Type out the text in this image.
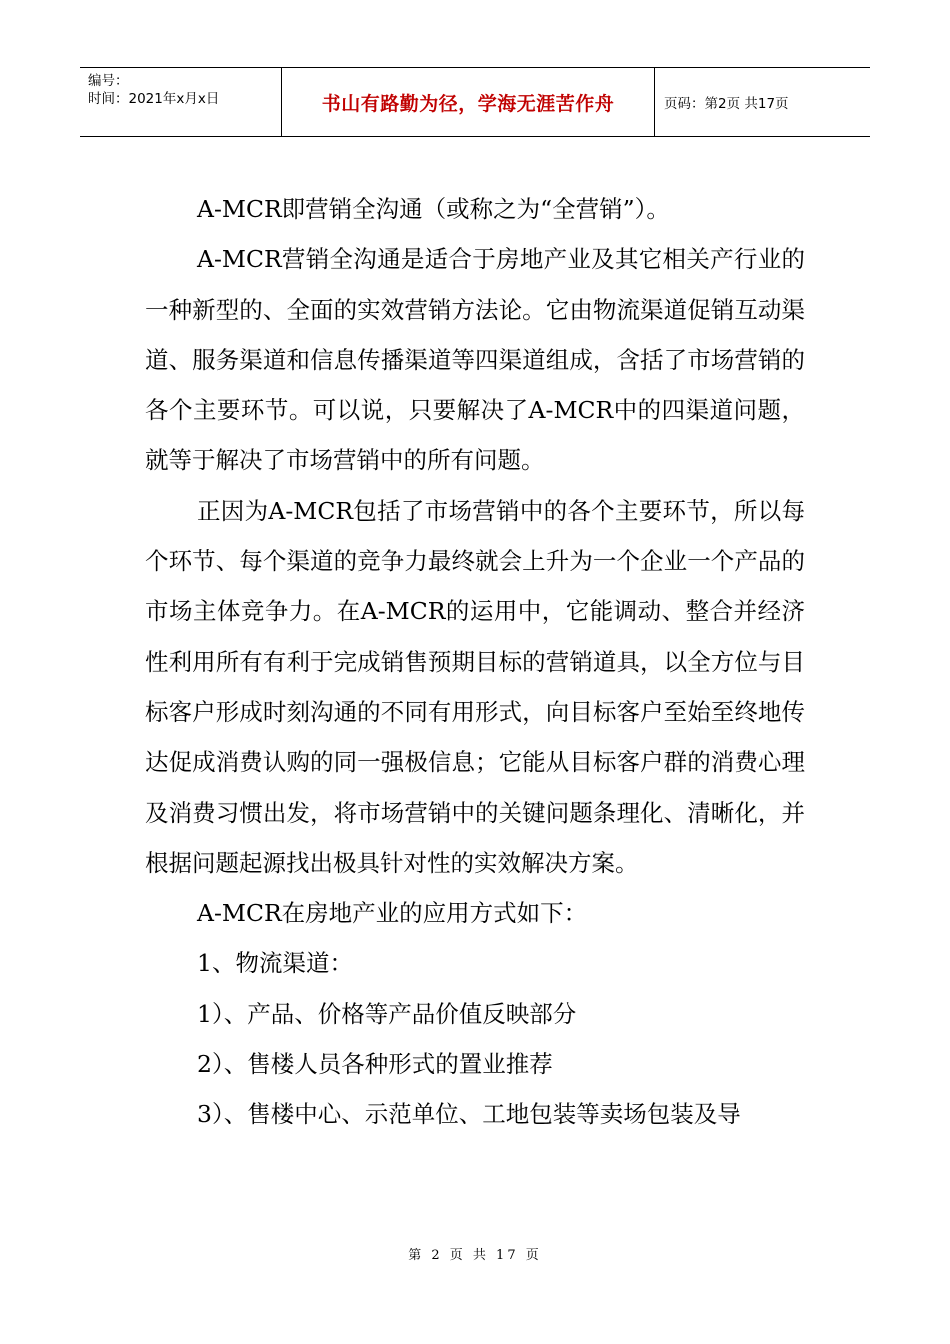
编号：
时间：2021年x月x日	书山有路勤为径，学海无涯苦作舟	页码：第2页 共17页

A-MCR即营销全沟通（或称之为“全营销”）。

A-MCR营销全沟通是适合于房地产业及其它相关产行业的一种新型的、全面的实效营销方法论。它由物流渠道促销互动渠道、服务渠道和信息传播渠道等四渠道组成，含括了市场营销的各个主要环节。可以说，只要解决了A-MCR中的四渠道问题，就等于解决了市场营销中的所有问题。

正因为A-MCR包括了市场营销中的各个主要环节，所以每个环节、每个渠道的竞争力最终就会上升为一个企业一个产品的市场主体竞争力。在A-MCR的运用中，它能调动、整合并经济性利用所有有利于完成销售预期目标的营销道具，以全方位与目标客户形成时刻沟通的不同有用形式，向目标客户至始至终地传达促成消费认购的同一强极信息；它能从目标客户群的消费心理及消费习惯出发，将市场营销中的关键问题条理化、清晰化，并根据问题起源找出极具针对性的实效解决方案。

A-MCR在房地产业的应用方式如下：

1、物流渠道：

1）、产品、价格等产品价值反映部分

2）、售楼人员各种形式的置业推荐

3）、售楼中心、示范单位、工地包装等卖场包装及导

第 2 页 共 17 页
